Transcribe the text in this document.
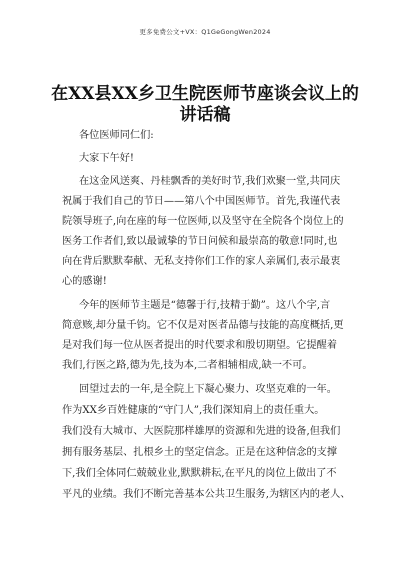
更多免费公文+VX：Q1GeGongWen2024
在XX县XX乡卫生院医师节座谈会议上的讲话稿
各位医师同仁们:
大家下午好!
在这金风送爽、丹桂飘香的美好时节,我们欢聚一堂,共同庆
祝属于我们自己的节日——第八个中国医师节。首先,我谨代表
院领导班子,向在座的每一位医师,以及坚守在全院各个岗位上的
医务工作者们,致以最诚挚的节日问候和最崇高的敬意!同时,也
向在背后默默奉献、无私支持你们工作的家人亲属们,表示最衷
心的感谢!
今年的医师节主题是“德馨于行,技精于勤”。这八个字,言
简意赅,却分量千钧。它不仅是对医者品德与技能的高度概括,更
是对我们每一位从医者提出的时代要求和殷切期望。它提醒着
我们,行医之路,德为先,技为本,二者相辅相成,缺一不可。
回望过去的一年,是全院上下凝心聚力、攻坚克难的一年。
作为XX乡百姓健康的“守门人”,我们深知肩上的责任重大。
我们没有大城市、大医院那样雄厚的资源和先进的设备,但我们
拥有服务基层、扎根乡土的坚定信念。正是在这种信念的支撑
下,我们全体同仁兢兢业业,默默耕耘,在平凡的岗位上做出了不
平凡的业绩。我们不断完善基本公共卫生服务,为辖区内的老人、
